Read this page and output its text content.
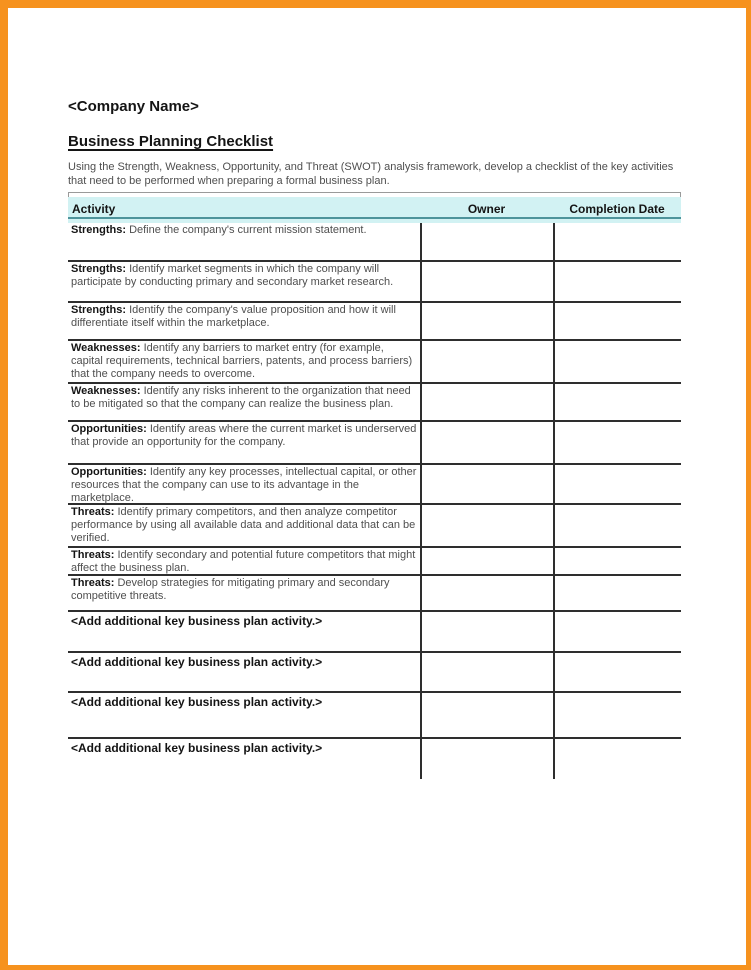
<Company Name>
Business Planning Checklist

Using the Strength, Weakness, Opportunity, and Threat (SWOT) analysis framework, develop a checklist of the key activities that need to be performed when preparing a formal business plan.

Activity	Owner	Completion Date
Strengths: Define the company's current mission statement.
Strengths: Identify market segments in which the company will participate by conducting primary and secondary market research.
Strengths: Identify the company's value proposition and how it will differentiate itself within the marketplace.
Weaknesses: Identify any barriers to market entry (for example, capital requirements, technical barriers, patents, and process barriers) that the company needs to overcome.
Weaknesses: Identify any risks inherent to the organization that need to be mitigated so that the company can realize the business plan.
Opportunities: Identify areas where the current market is underserved that provide an opportunity for the company.
Opportunities: Identify any key processes, intellectual capital, or other resources that the company can use to its advantage in the marketplace.
Threats: Identify primary competitors, and then analyze competitor performance by using all available data and additional data that can be verified.
Threats: Identify secondary and potential future competitors that might affect the business plan.
Threats: Develop strategies for mitigating primary and secondary competitive threats.
<Add additional key business plan activity.>
<Add additional key business plan activity.>
<Add additional key business plan activity.>
<Add additional key business plan activity.>
